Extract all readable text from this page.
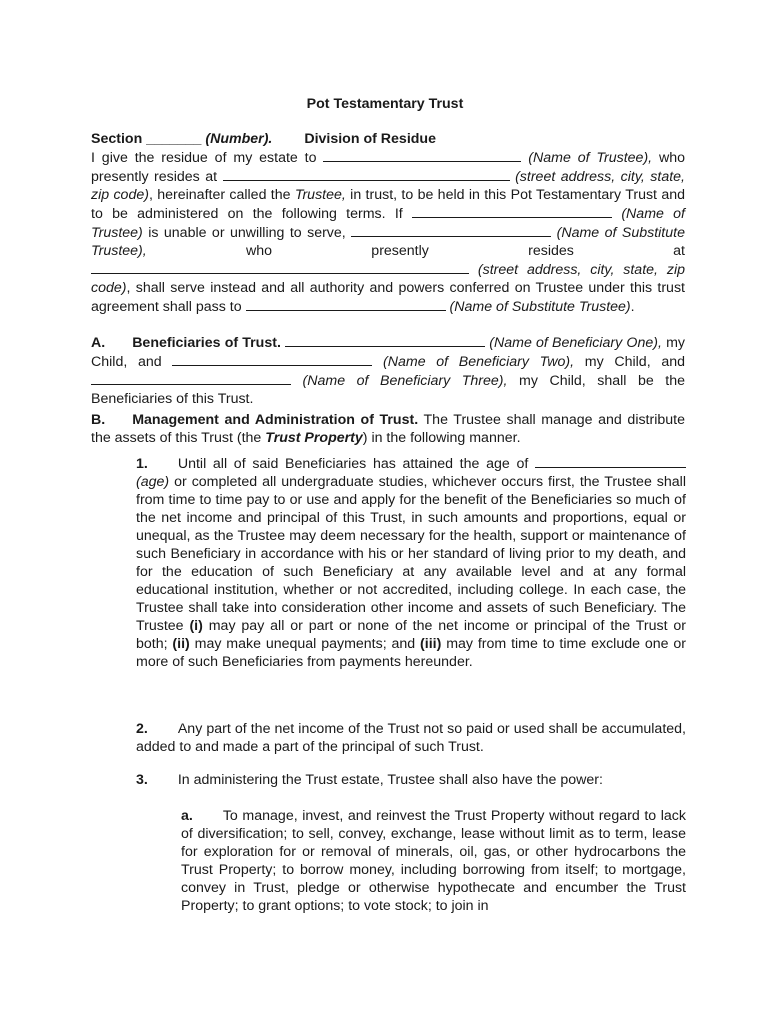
Pot Testamentary Trust

Section _______ (Number). Division of Residue

I give the residue of my estate to	(Name of Trustee), who presently resides at	(street address, city, state, zip code), hereinafter called the Trustee, in trust, to be held in this Pot Testamentary Trust and to be administered on the following terms. If	(Name of Trustee) is unable or unwilling to serve,	(Name of Substitute Trustee), who presently resides at  (street address, city, state, zip code), shall serve instead and all authority and powers conferred on Trustee under this trust agreement shall pass to	(Name of Substitute Trustee).

A. Beneficiaries of Trust.	(Name of Beneficiary One), my Child, and	(Name of Beneficiary Two), my Child, and  (Name of Beneficiary Three), my Child, shall be the Beneficiaries of this Trust.

B. Management and Administration of Trust. The Trustee shall manage and distribute the assets of this Trust (the Trust Property) in the following manner.

1. Until all of said Beneficiaries has attained the age of  (age) or completed all undergraduate studies, whichever occurs first, the Trustee shall from time to time pay to or use and apply for the benefit of the Beneficiaries so much of the net income and principal of this Trust, in such amounts and proportions, equal or unequal, as the Trustee may deem necessary for the health, support or maintenance of such Beneficiary in accordance with his or her standard of living prior to my death, and for the education of such Beneficiary at any available level and at any formal educational institution, whether or not accredited, including college. In each case, the Trustee shall take into consideration other income and assets of such Beneficiary. The Trustee (i) may pay all or part or none of the net income or principal of the Trust or both; (ii) may make unequal payments; and (iii) may from time to time exclude one or more of such Beneficiaries from payments hereunder.

2. Any part of the net income of the Trust not so paid or used shall be accumulated, added to and made a part of the principal of such Trust.

3. In administering the Trust estate, Trustee shall also have the power:

a. To manage, invest, and reinvest the Trust Property without regard to lack of diversification; to sell, convey, exchange, lease without limit as to term, lease for exploration for or removal of minerals, oil, gas, or other hydrocarbons the Trust Property; to borrow money, including borrowing from itself; to mortgage, convey in Trust, pledge or otherwise hypothecate and encumber the Trust Property; to grant options; to vote stock; to join in
